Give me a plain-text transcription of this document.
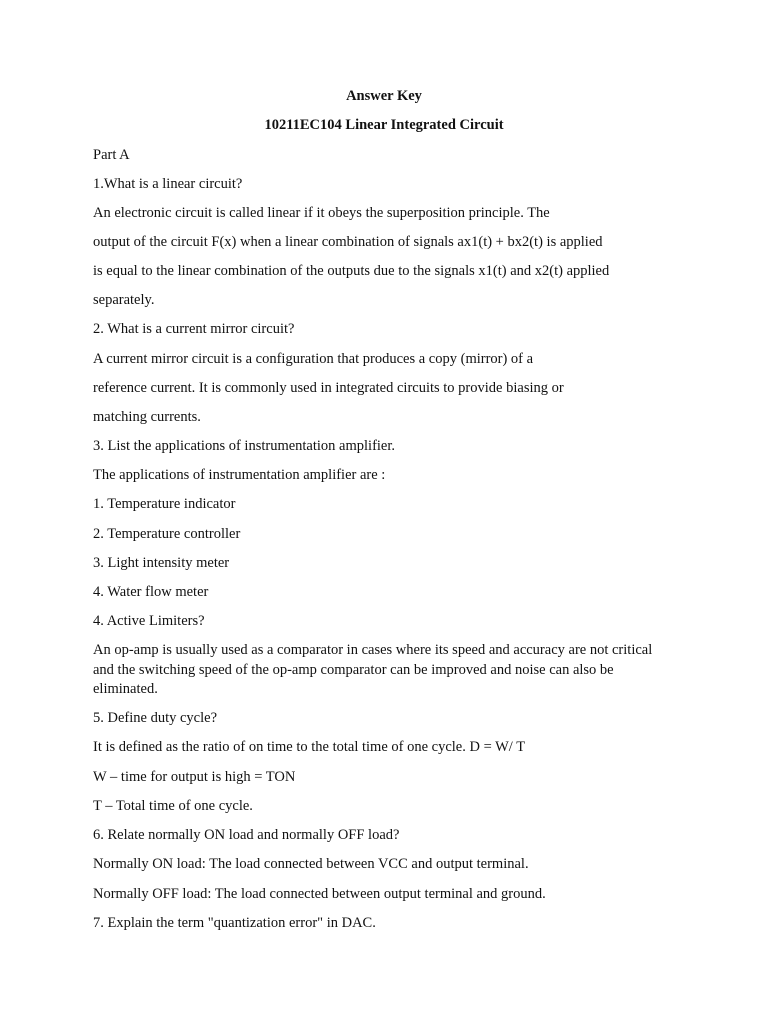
Answer Key
10211EC104 Linear Integrated Circuit
Part A
1.What is a linear circuit?
An electronic circuit is called linear if it obeys the superposition principle. The
output of the circuit F(x) when a linear combination of signals ax1(t) + bx2(t) is applied
is equal to the linear combination of the outputs due to the signals x1(t) and x2(t) applied
separately.
2. What is a current mirror circuit?
A current mirror circuit is a configuration that produces a copy (mirror) of a
reference current. It is commonly used in integrated circuits to provide biasing or
matching currents.
3. List the applications of instrumentation amplifier.
The applications of instrumentation amplifier are :
1. Temperature indicator
2. Temperature controller
3. Light intensity meter
4. Water flow meter
4. Active Limiters?
An op-amp is usually used as a comparator in cases where its speed and accuracy are not critical and the switching speed of the op-amp comparator can be improved and noise can also be eliminated.
5. Define duty cycle?
It is defined as the ratio of on time to the total time of one cycle. D = W/ T
W – time for output is high = TON
T – Total time of one cycle.
6. Relate normally ON load and normally OFF load?
Normally ON load: The load connected between VCC and output terminal.
Normally OFF load: The load connected between output terminal and ground.
7. Explain the term "quantization error" in DAC.
